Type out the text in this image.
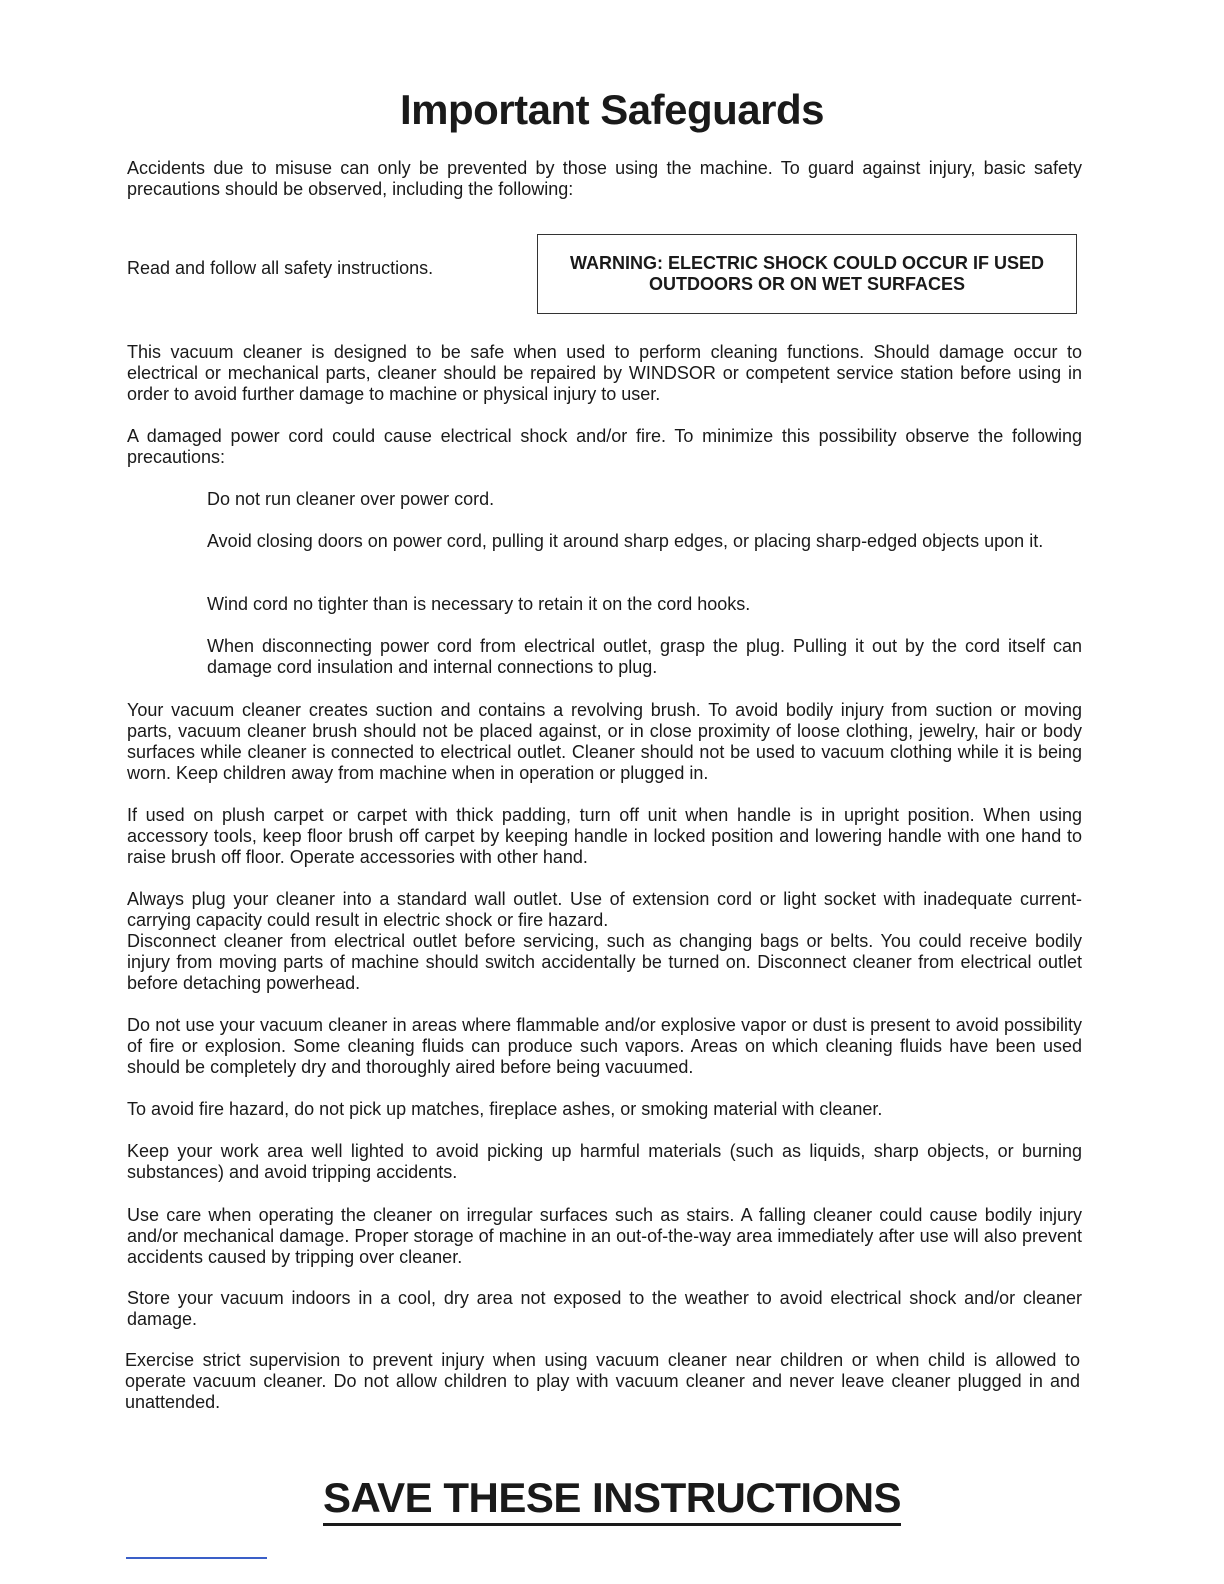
Important Safeguards

Accidents due to misuse can only be prevented by those using the machine. To guard against injury, basic safety precautions should be observed, including the following:

Read and follow all safety instructions.	WARNING: ELECTRIC SHOCK COULD OCCUR IF USED
OUTDOORS OR ON WET SURFACES

This vacuum cleaner is designed to be safe when used to perform cleaning functions. Should damage occur to electrical or mechanical parts, cleaner should be repaired by WINDSOR or competent service station before using in order to avoid further damage to machine or physical injury to user.

A damaged power cord could cause electrical shock and/or fire. To minimize this possibility observe the following precautions:

Do not run cleaner over power cord.

Avoid closing doors on power cord, pulling it around sharp edges, or placing sharp-edged objects upon it.

Wind cord no tighter than is necessary to retain it on the cord hooks.

When disconnecting power cord from electrical outlet, grasp the plug. Pulling it out by the cord itself can damage cord insulation and internal connections to plug.

Your vacuum cleaner creates suction and contains a revolving brush. To avoid bodily injury from suction or moving parts, vacuum cleaner brush should not be placed against, or in close proximity of loose clothing, jewelry, hair or body surfaces while cleaner is connected to electrical outlet. Cleaner should not be used to vacuum clothing while it is being worn. Keep children away from machine when in operation or plugged in.

If used on plush carpet or carpet with thick padding, turn off unit when handle is in upright position. When using accessory tools, keep floor brush off carpet by keeping handle in locked position and lowering handle with one hand to raise brush off floor. Operate accessories with other hand.

Always plug your cleaner into a standard wall outlet. Use of extension cord or light socket with inadequate current-carrying capacity could result in electric shock or fire hazard.

Disconnect cleaner from electrical outlet before servicing, such as changing bags or belts. You could receive bodily injury from moving parts of machine should switch accidentally be turned on. Disconnect cleaner from electrical outlet before detaching powerhead.

Do not use your vacuum cleaner in areas where flammable and/or explosive vapor or dust is present to avoid possibility of fire or explosion. Some cleaning fluids can produce such vapors. Areas on which cleaning fluids have been used should be completely dry and thoroughly aired before being vacuumed.

To avoid fire hazard, do not pick up matches, fireplace ashes, or smoking material with cleaner.

Keep your work area well lighted to avoid picking up harmful materials (such as liquids, sharp objects, or burning substances) and avoid tripping accidents.

Use care when operating the cleaner on irregular surfaces such as stairs. A falling cleaner could cause bodily injury and/or mechanical damage. Proper storage of machine in an out-of-the-way area immediately after use will also prevent accidents caused by tripping over cleaner.

Store your vacuum indoors in a cool, dry area not exposed to the weather to avoid electrical shock and/or cleaner damage.

Exercise strict supervision to prevent injury when using vacuum cleaner near children or when child is allowed to operate vacuum cleaner. Do not allow children to play with vacuum cleaner and never leave cleaner plugged in and unattended.

SAVE THESE INSTRUCTIONS
